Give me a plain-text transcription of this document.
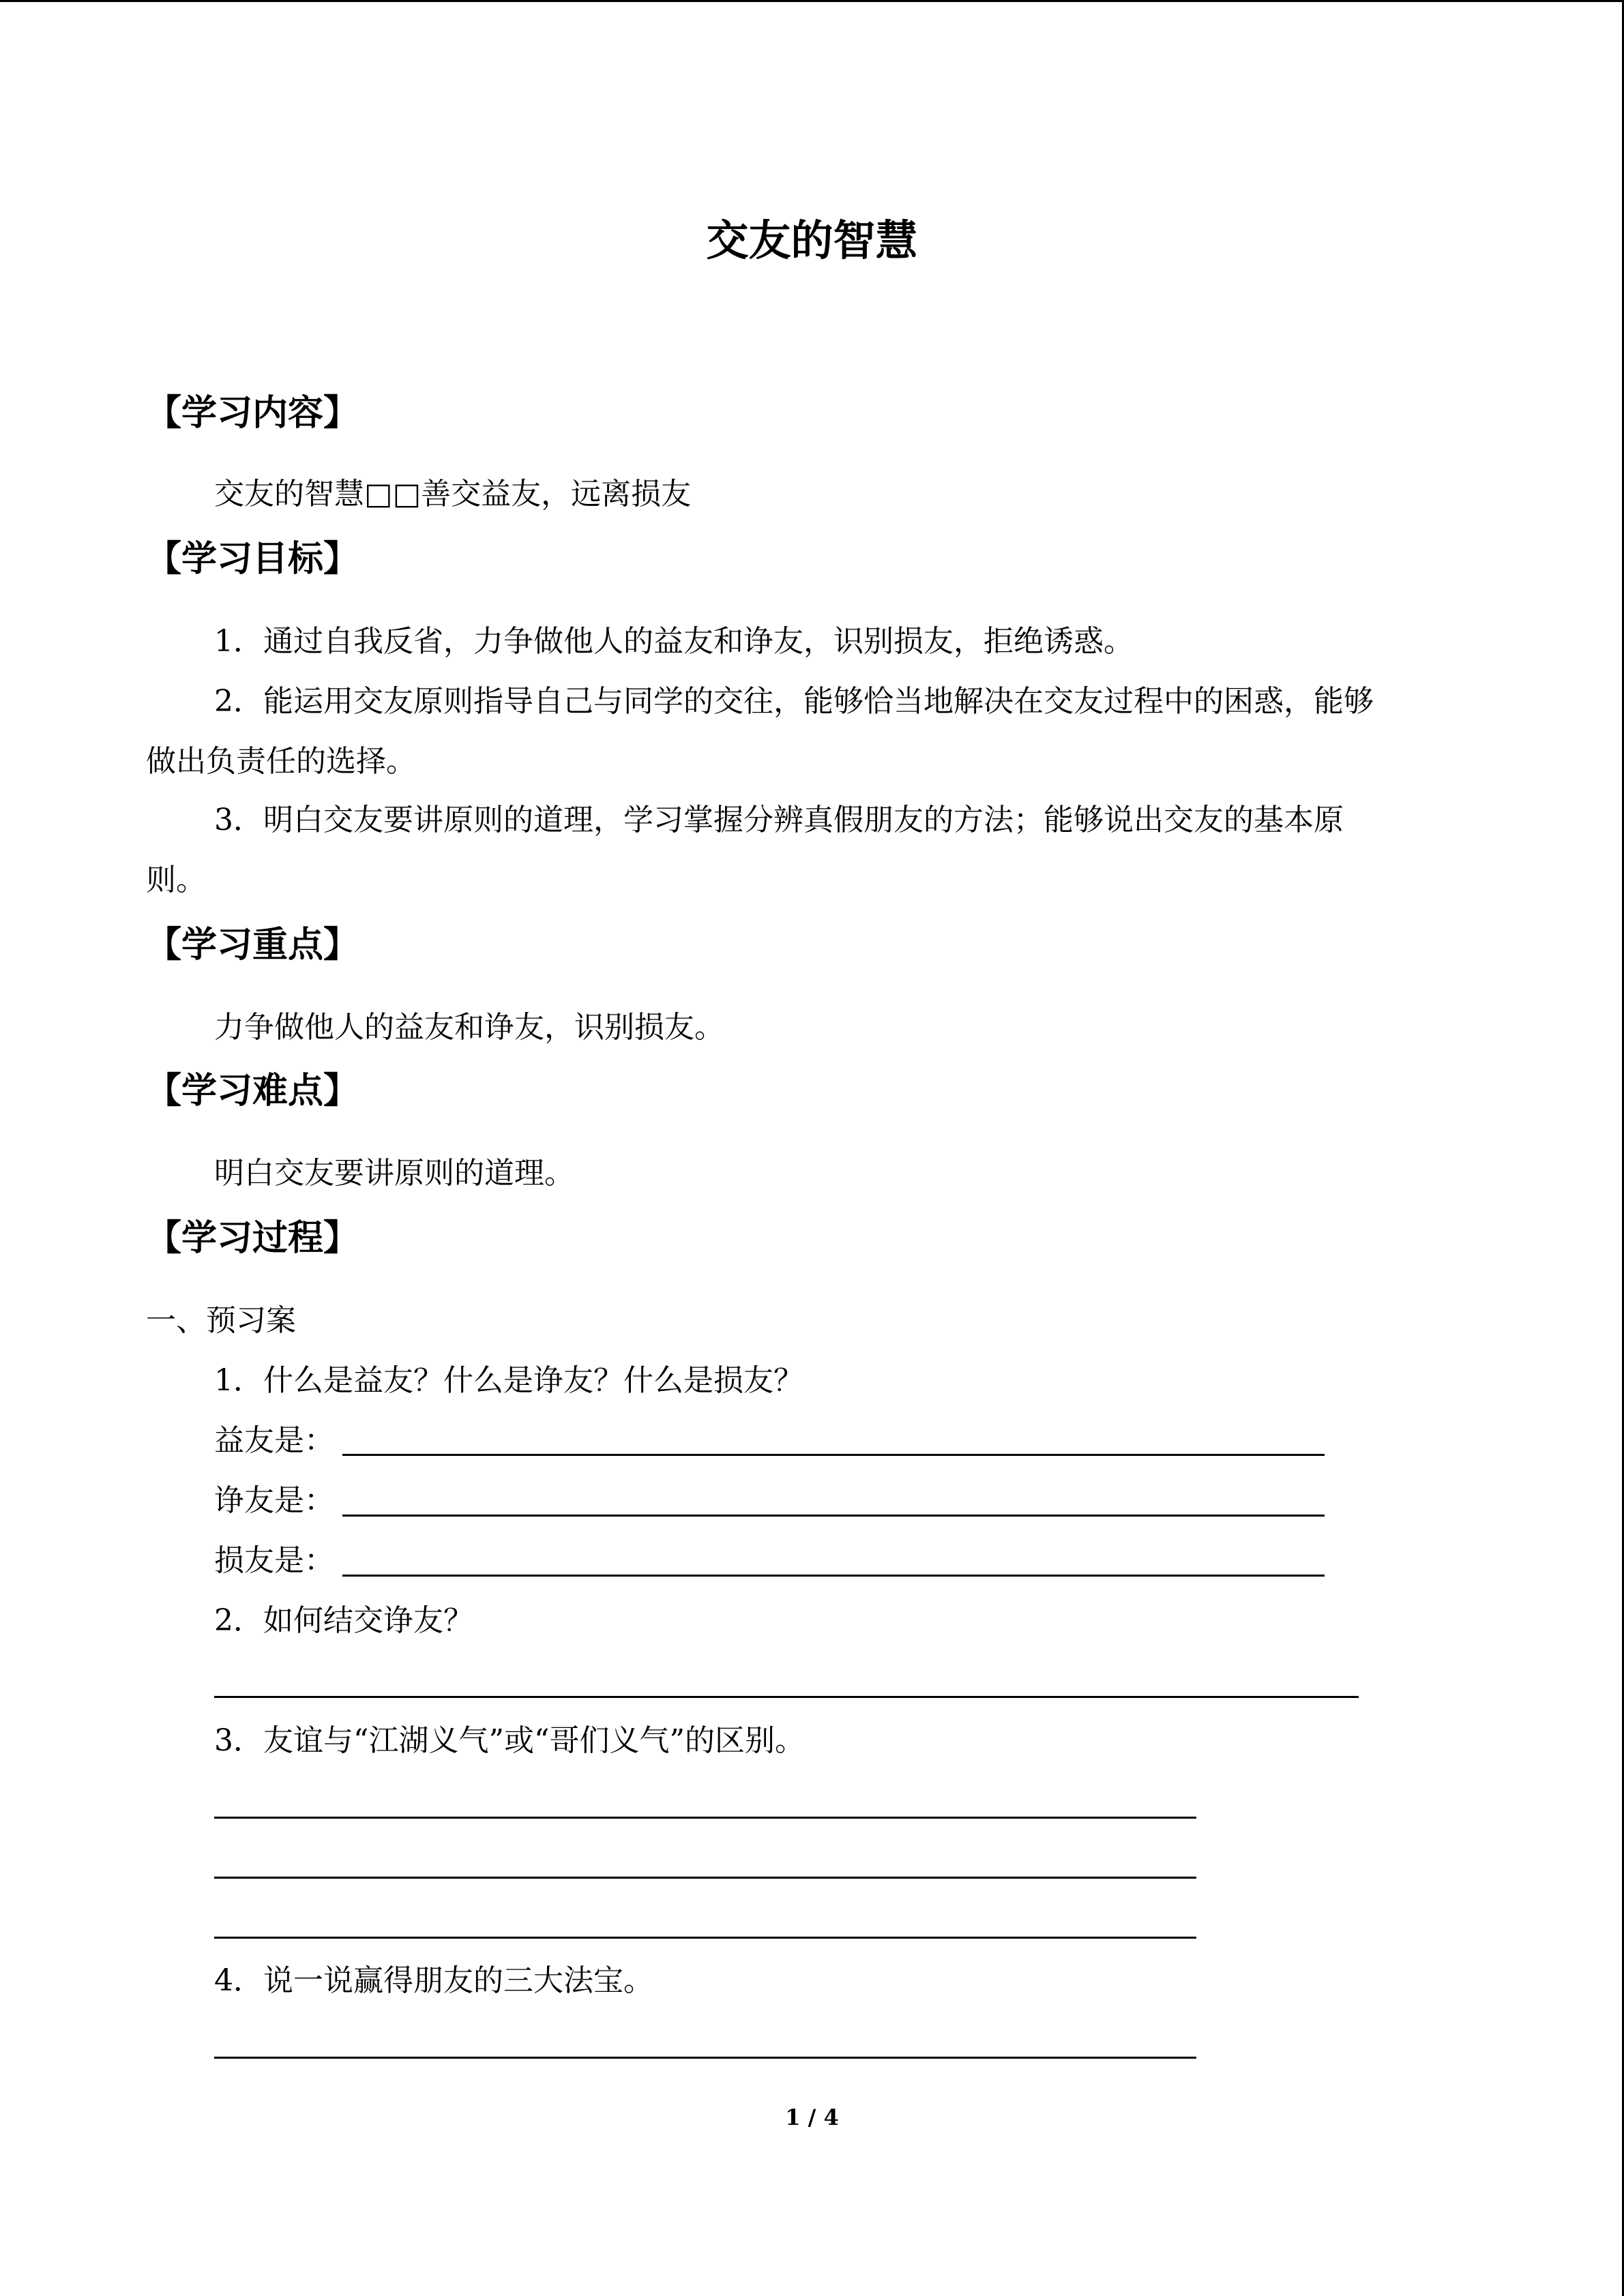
交友的智慧
【学习内容】
交友的智慧□□善交益友，远离损友
【学习目标】
1．通过自我反省，力争做他人的益友和诤友，识别损友，拒绝诱惑。
2．能运用交友原则指导自己与同学的交往，能够恰当地解决在交友过程中的困惑，能够
做出负责任的选择。
3．明白交友要讲原则的道理，学习掌握分辨真假朋友的方法；能够说出交友的基本原
则。
【学习重点】
力争做他人的益友和诤友，识别损友。
【学习难点】
明白交友要讲原则的道理。
【学习过程】
一、预习案
1．什么是益友？什么是诤友？什么是损友？
益友是：
诤友是：
损友是：
2．如何结交诤友？
3．友谊与“江湖义气”或“哥们义气”的区别。
4．说一说赢得朋友的三大法宝。
1 / 4
